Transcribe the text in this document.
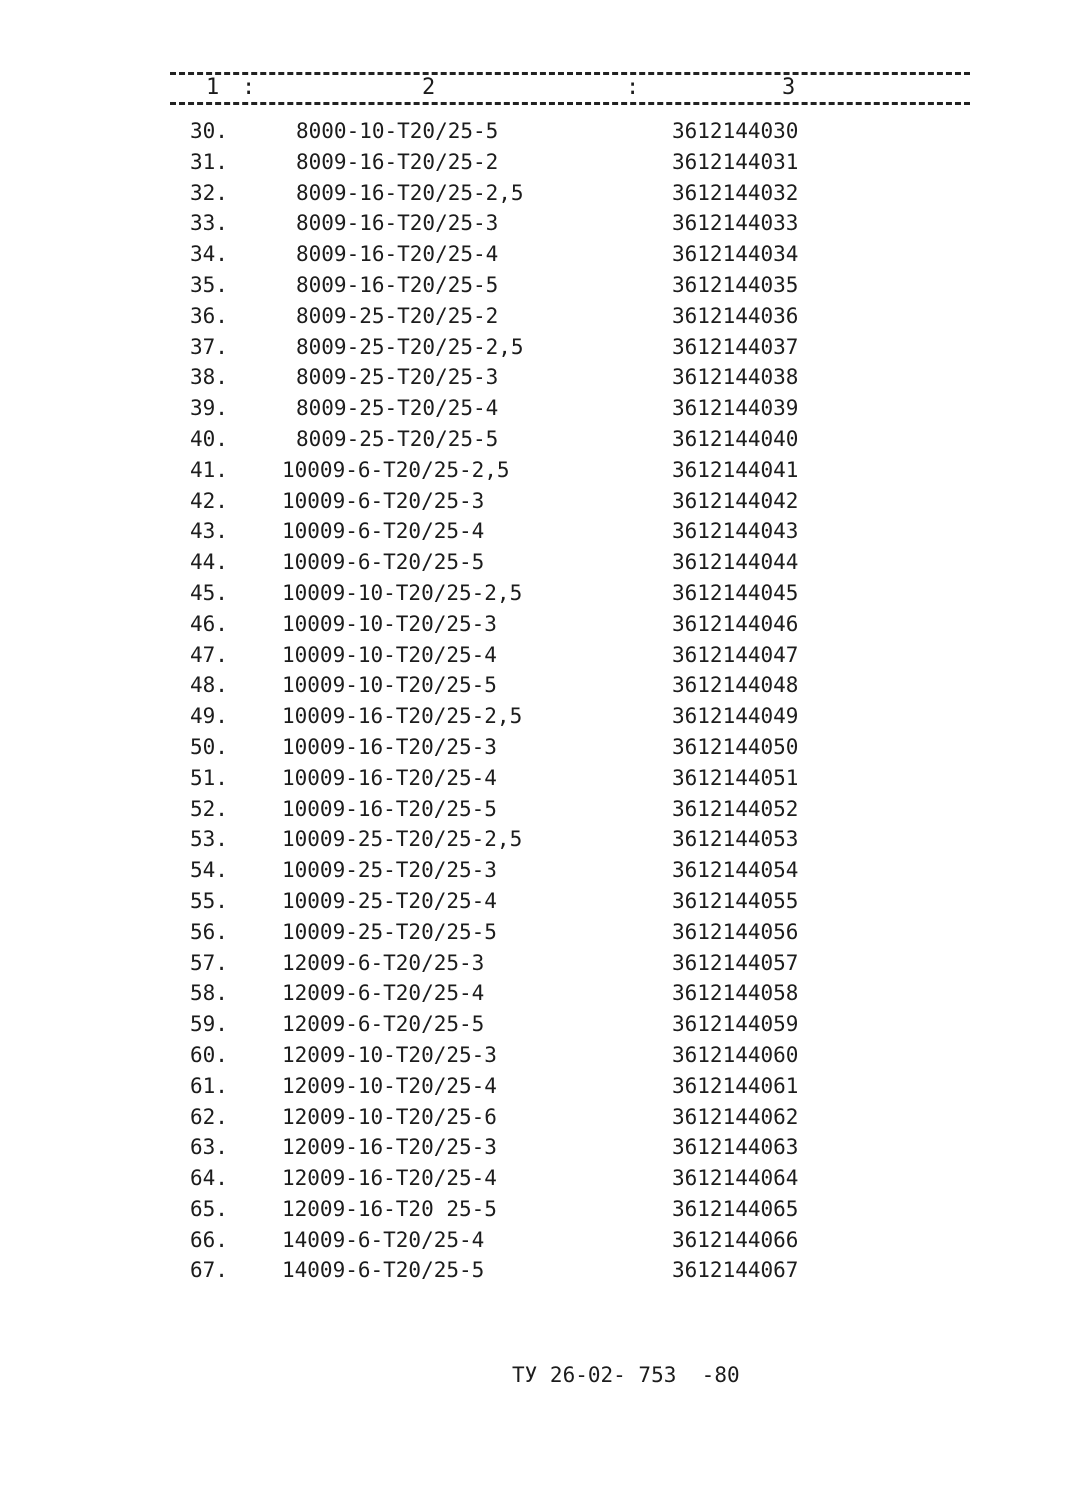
1 :	2	:	3
30.	8000-10-T20/25-5	3612144030
31.	8009-16-T20/25-2	3612144031
32.	8009-16-T20/25-2,5	3612144032
33.	8009-16-T20/25-3	3612144033
34.	8009-16-T20/25-4	3612144034
35.	8009-16-T20/25-5	3612144035
36.	8009-25-T20/25-2	3612144036
37.	8009-25-T20/25-2,5	3612144037
38.	8009-25-T20/25-3	3612144038
39.	8009-25-T20/25-4	3612144039
40.	8009-25-T20/25-5	3612144040
41.	10009-6-T20/25-2,5	3612144041
42.	10009-6-T20/25-3	3612144042
43.	10009-6-T20/25-4	3612144043
44.	10009-6-T20/25-5	3612144044
45.	10009-10-T20/25-2,5	3612144045
46.	10009-10-T20/25-3	3612144046
47.	10009-10-T20/25-4	3612144047
48.	10009-10-T20/25-5	3612144048
49.	10009-16-T20/25-2,5	3612144049
50.	10009-16-T20/25-3	3612144050
51.	10009-16-T20/25-4	3612144051
52.	10009-16-T20/25-5	3612144052
53.	10009-25-T20/25-2,5	3612144053
54.	10009-25-T20/25-3	3612144054
55.	10009-25-T20/25-4	3612144055
56.	10009-25-T20/25-5	3612144056
57.	12009-6-T20/25-3	3612144057
58.	12009-6-T20/25-4	3612144058
59.	12009-6-T20/25-5	3612144059
60.	12009-10-T20/25-3	3612144060
61.	12009-10-T20/25-4	3612144061
62.	12009-10-T20/25-6	3612144062
63.	12009-16-T20/25-3	3612144063
64.	12009-16-T20/25-4	3612144064
65.	12009-16-T20 25-5	3612144065
66.	14009-6-T20/25-4	3612144066
67.	14009-6-T20/25-5	3612144067
ТУ 26-02- 753 -80
